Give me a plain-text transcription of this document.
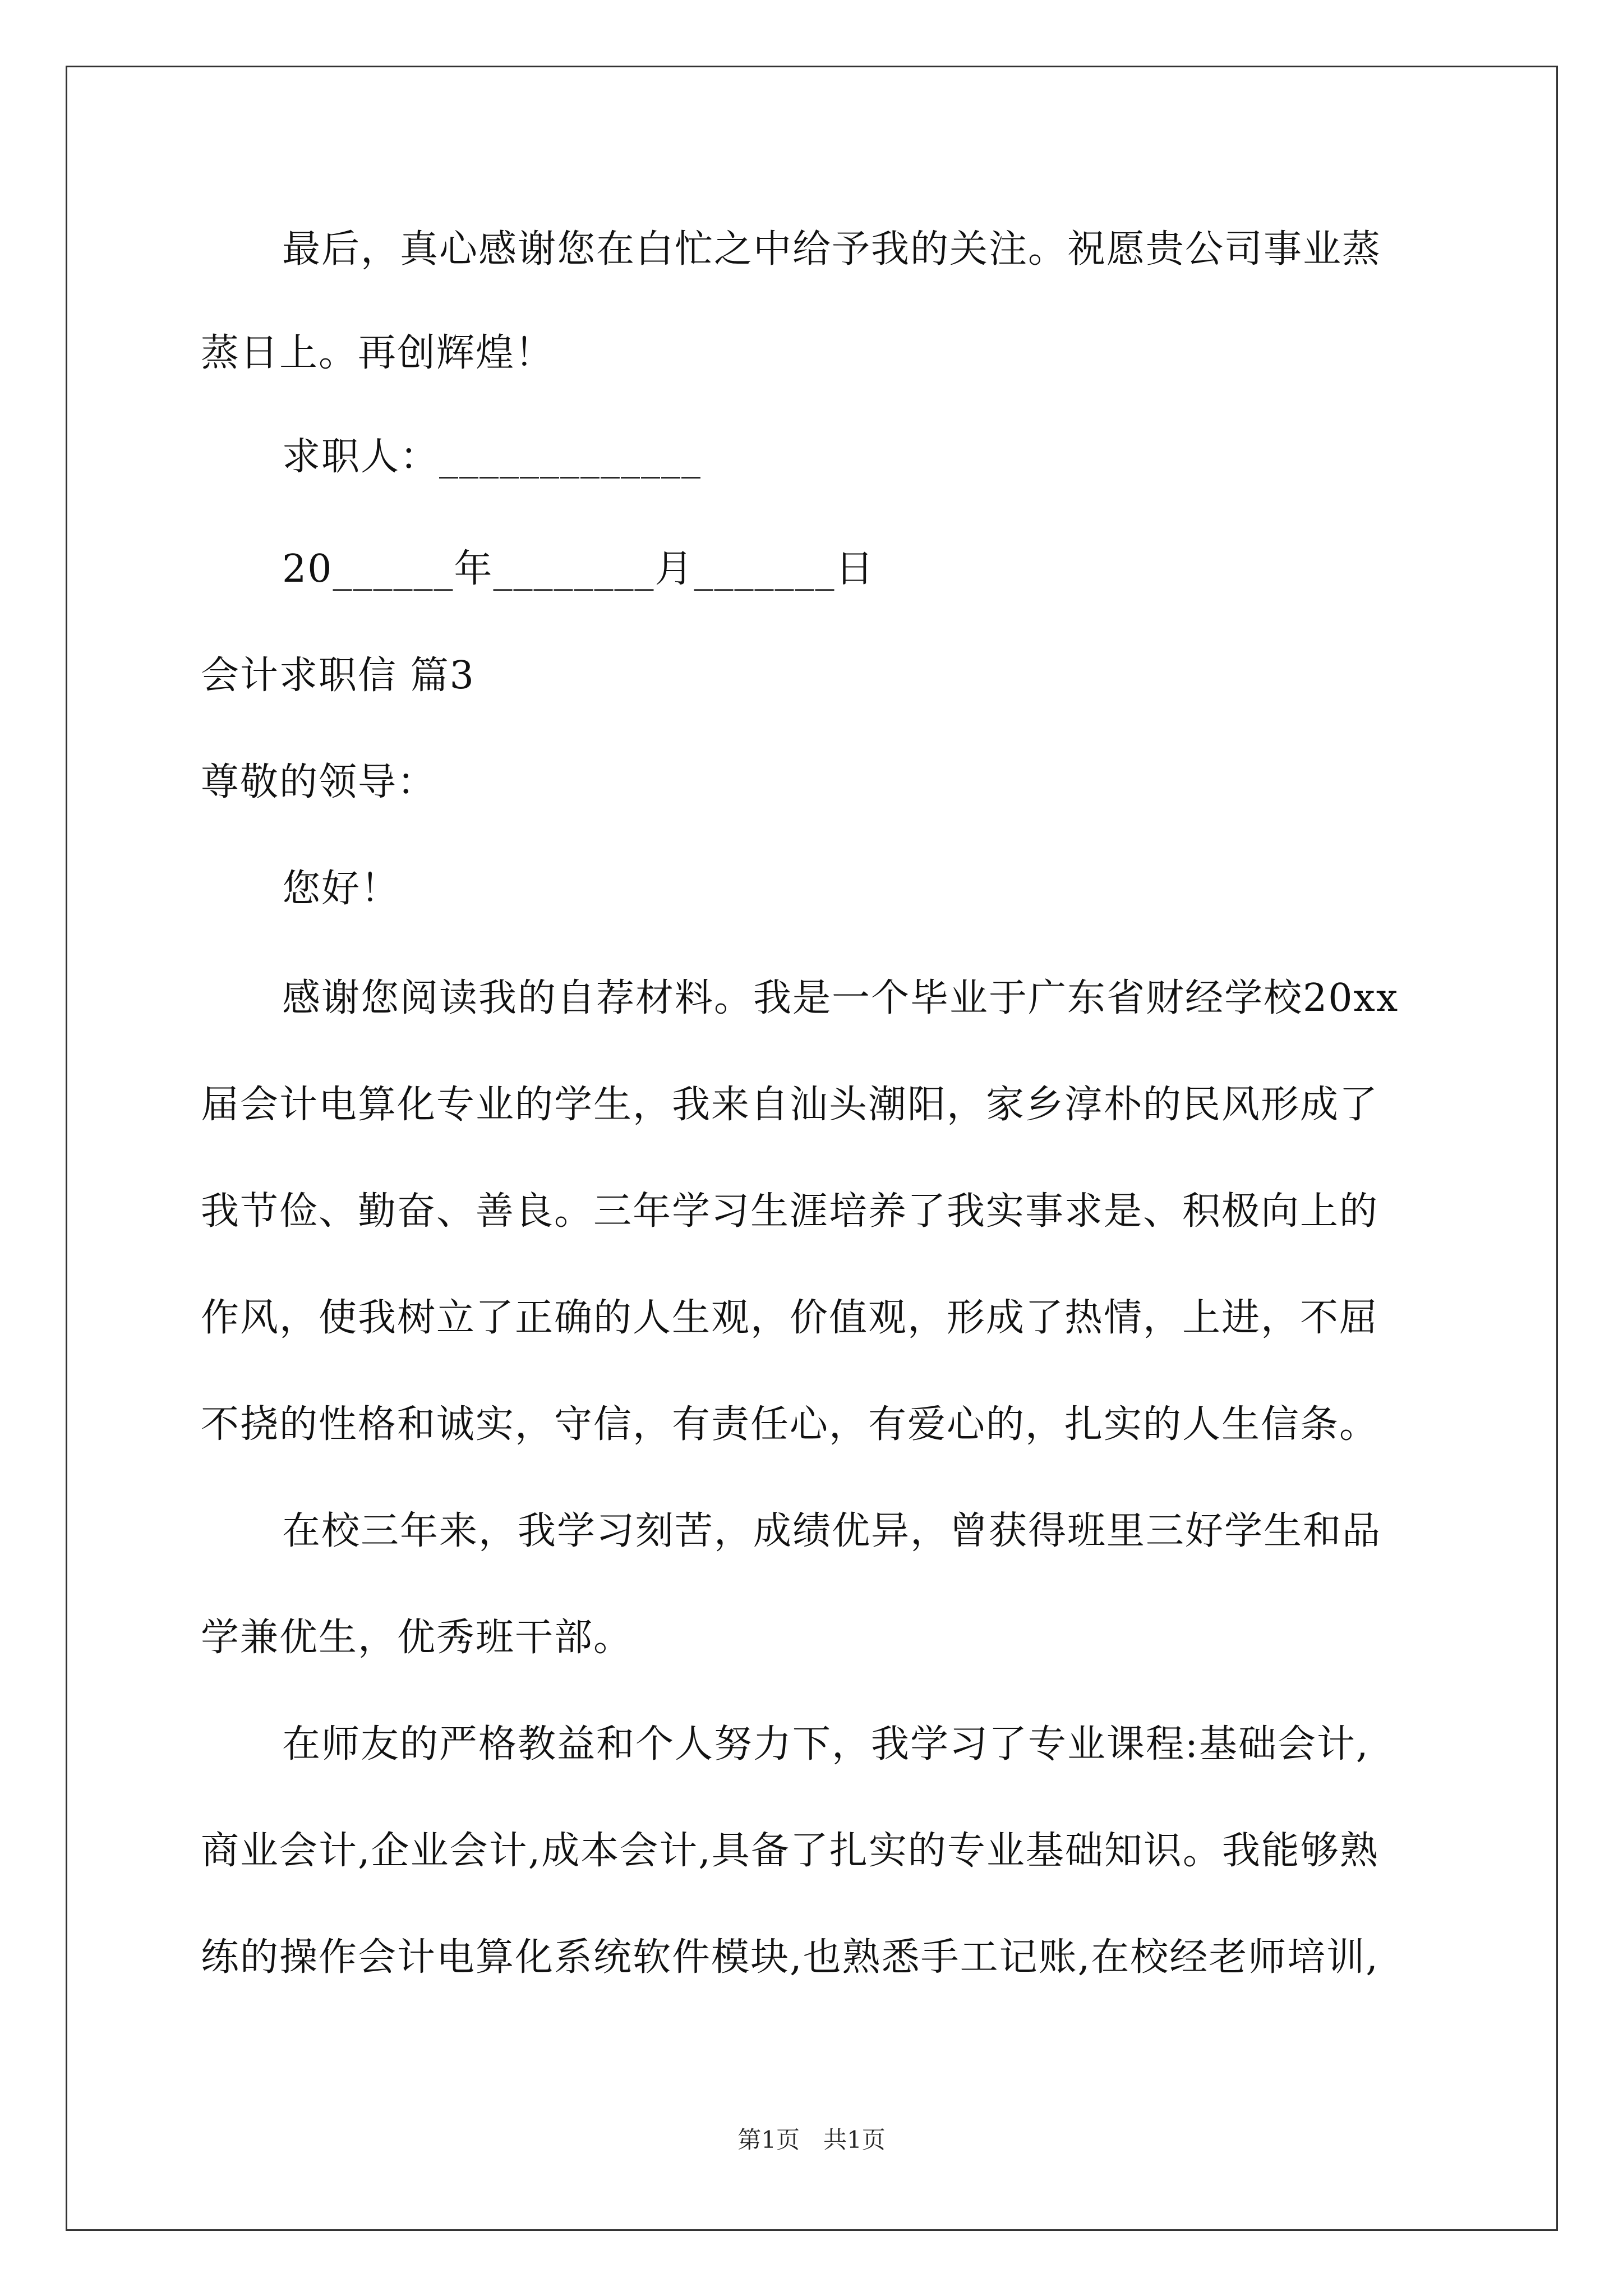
最后，真心感谢您在白忙之中给予我的关注。祝愿贵公司事业蒸
蒸日上。再创辉煌！
求职人：_____________
20______年________月_______日
会计求职信 篇3
尊敬的领导：
您好！
感谢您阅读我的自荐材料。我是一个毕业于广东省财经学校20xx
届会计电算化专业的学生，我来自汕头潮阳，家乡淳朴的民风形成了
我节俭、勤奋、善良。三年学习生涯培养了我实事求是、积极向上的
作风，使我树立了正确的人生观，价值观，形成了热情，上进，不屈
不挠的性格和诚实，守信，有责任心，有爱心的，扎实的人生信条。
在校三年来，我学习刻苦，成绩优异，曾获得班里三好学生和品
学兼优生，优秀班干部。
在师友的严格教益和个人努力下，我学习了专业课程:基础会计,
商业会计,企业会计,成本会计,具备了扎实的专业基础知识。我能够熟
练的操作会计电算化系统软件模块,也熟悉手工记账,在校经老师培训,
第1页　共1页
